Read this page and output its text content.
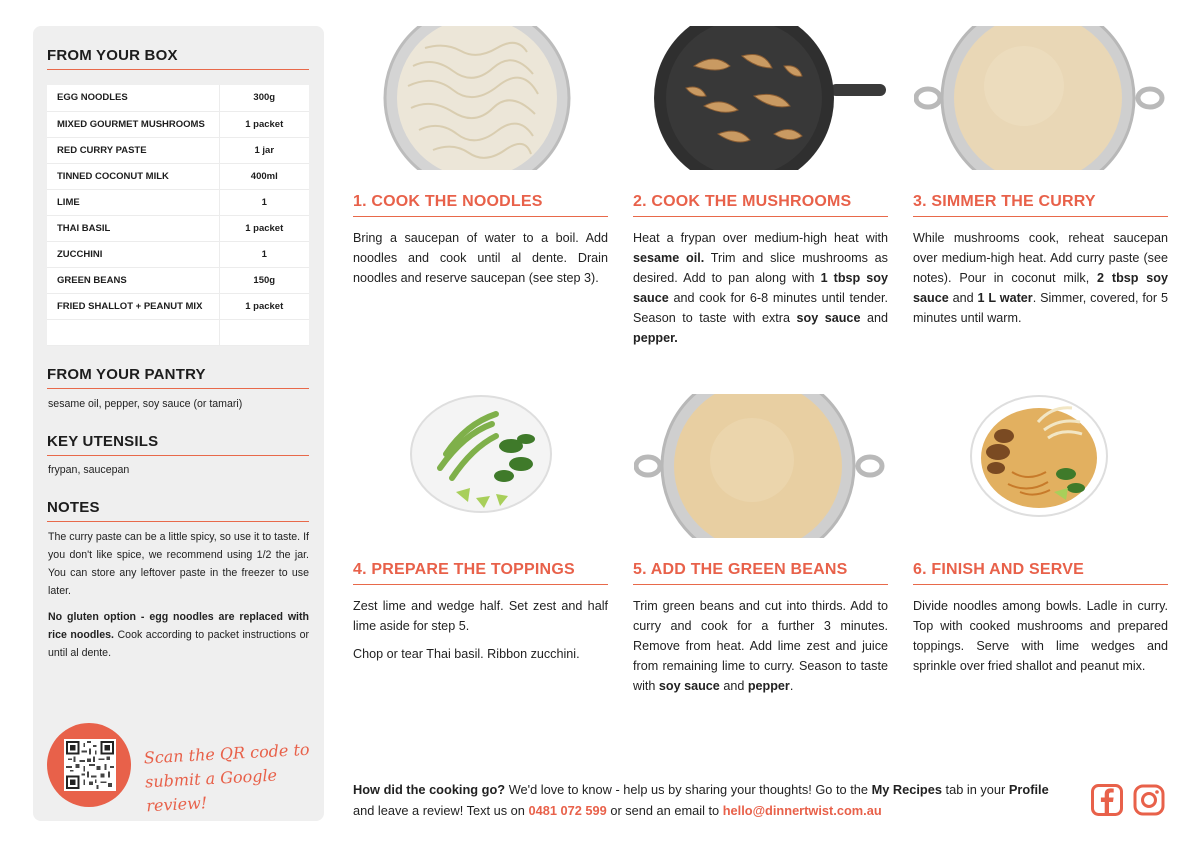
FROM YOUR BOX
EGG NOODLES	300g
MIXED GOURMET MUSHROOMS	1 packet
RED CURRY PASTE	1 jar
TINNED COCONUT MILK	400ml
LIME	1
THAI BASIL	1 packet
ZUCCHINI	1
GREEN BEANS	150g
FRIED SHALLOT + PEANUT MIX	1 packet

FROM YOUR PANTRY
sesame oil, pepper, soy sauce (or tamari)
KEY UTENSILS
frypan, saucepan
NOTES

The curry paste can be a little spicy, so use it to taste. If you don't like spice, we recommend using 1/2 the jar. You can store any leftover paste in the freezer to use later.

No gluten option - egg noodles are replaced with rice noodles. Cook according to packet instructions or until al dente.

Scan the QR code to
submit a Google review!
1. COOK THE NOODLES

Bring a saucepan of water to a boil. Add noodles and cook until al dente. Drain noodles and reserve saucepan (see step 3).

2. COOK THE MUSHROOMS

Heat a frypan over medium-high heat with sesame oil. Trim and slice mushrooms as desired. Add to pan along with 1 tbsp soy sauce and cook for 6-8 minutes until tender. Season to taste with extra soy sauce and pepper.

3. SIMMER THE CURRY

While mushrooms cook, reheat saucepan over medium-high heat. Add curry paste (see notes). Pour in coconut milk, 2 tbsp soy sauce and 1 L water. Simmer, covered, for 5 minutes until warm.

4. PREPARE THE TOPPINGS

Zest lime and wedge half. Set zest and half lime aside for step 5.

Chop or tear Thai basil. Ribbon zucchini.

5. ADD THE GREEN BEANS

Trim green beans and cut into thirds. Add to curry and cook for a further 3 minutes. Remove from heat. Add lime zest and juice from remaining lime to curry. Season to taste with soy sauce and pepper.

6. FINISH AND SERVE

Divide noodles among bowls. Ladle in curry. Top with cooked mushrooms and prepared toppings. Serve with lime wedges and sprinkle over fried shallot and peanut mix.

How did the cooking go? We'd love to know - help us by sharing your thoughts! Go to the My Recipes tab in your Profile and leave a review! Text us on 0481 072 599 or send an email to hello@dinnertwist.com.au
